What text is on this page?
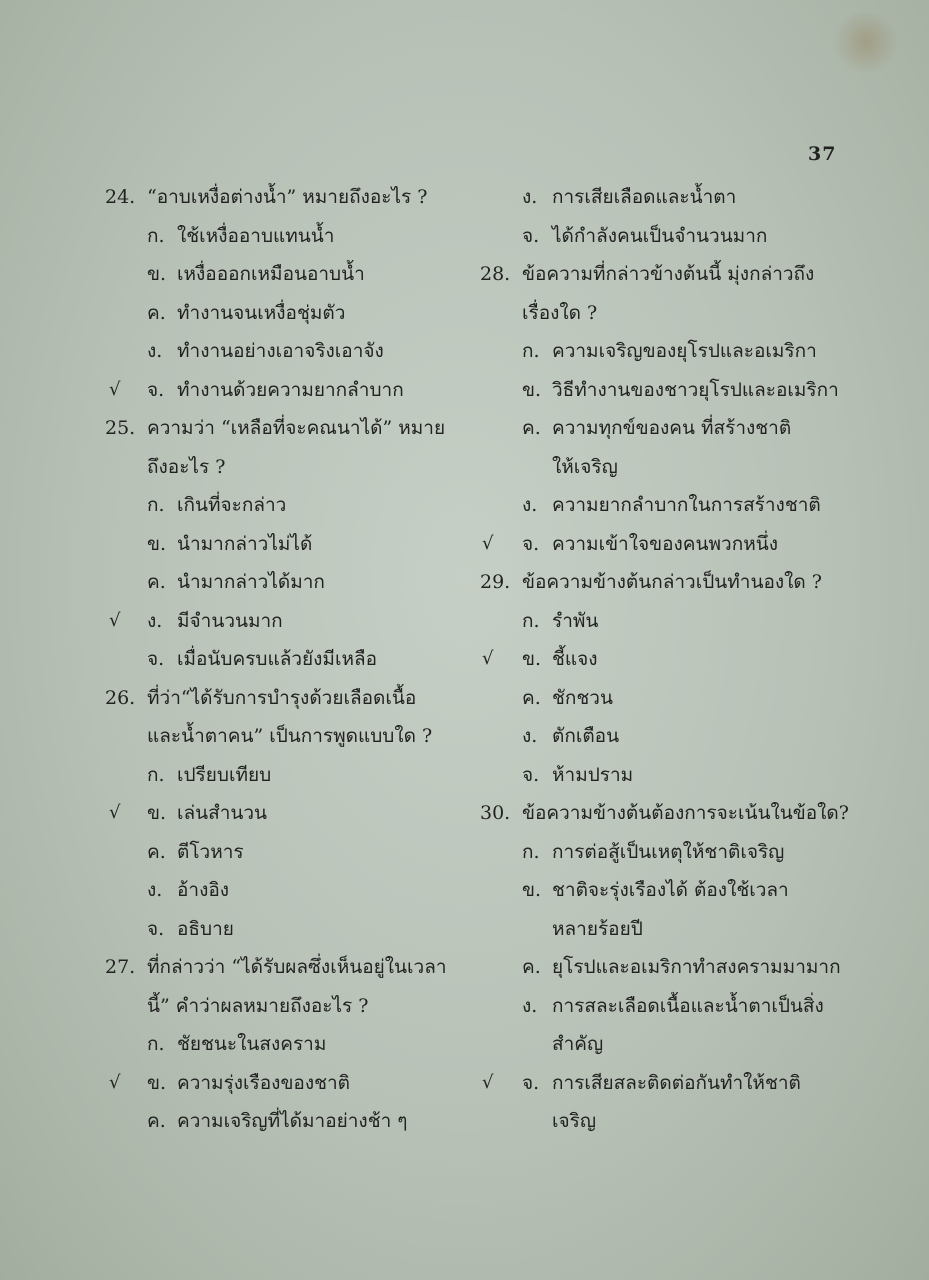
37
24. “อาบเหงื่อต่างน้ำ” หมายถึงอะไร ?
ก. ใช้เหงื่ออาบแทนน้ำ
ข. เหงื่อออกเหมือนอาบน้ำ
ค. ทำงานจนเหงื่อชุ่มตัว
ง. ทำงานอย่างเอาจริงเอาจัง
√ จ. ทำงานด้วยความยากลำบาก
25. ความว่า “เหลือที่จะคณนาได้” หมาย
ถึงอะไร ?
ก. เกินที่จะกล่าว
ข. นำมากล่าวไม่ได้
ค. นำมากล่าวได้มาก
√ ง. มีจำนวนมาก
จ. เมื่อนับครบแล้วยังมีเหลือ
26. ที่ว่า“ได้รับการบำรุงด้วยเลือดเนื้อ
และน้ำตาคน” เป็นการพูดแบบใด ?
ก. เปรียบเทียบ
√ ข. เล่นสำนวน
ค. ตีโวหาร
ง. อ้างอิง
จ. อธิบาย
27. ที่กล่าวว่า “ได้รับผลซึ่งเห็นอยู่ในเวลา
นี้” คำว่าผลหมายถึงอะไร ?
ก. ชัยชนะในสงคราม
√ ข. ความรุ่งเรืองของชาติ
ค. ความเจริญที่ได้มาอย่างช้า ๆ
ง. การเสียเลือดและน้ำตา
จ. ได้กำลังคนเป็นจำนวนมาก
28. ข้อความที่กล่าวข้างต้นนี้ มุ่งกล่าวถึง
เรื่องใด ?
ก. ความเจริญของยุโรปและอเมริกา
ข. วิธีทำงานของชาวยุโรปและอเมริกา
ค. ความทุกข์ของคน ที่สร้างชาติ
ให้เจริญ
ง. ความยากลำบากในการสร้างชาติ
√ จ. ความเข้าใจของคนพวกหนึ่ง
29. ข้อความข้างต้นกล่าวเป็นทำนองใด ?
ก. รำพัน
√ ข. ชี้แจง
ค. ชักชวน
ง. ตักเตือน
จ. ห้ามปราม
30. ข้อความข้างต้นต้องการจะเน้นในข้อใด?
ก. การต่อสู้เป็นเหตุให้ชาติเจริญ
ข. ชาติจะรุ่งเรืองได้ ต้องใช้เวลา
หลายร้อยปี
ค. ยุโรปและอเมริกาทำสงครามมามาก
ง. การสละเลือดเนื้อและน้ำตาเป็นสิ่ง
สำคัญ
√ จ. การเสียสละติดต่อกันทำให้ชาติ
เจริญ
